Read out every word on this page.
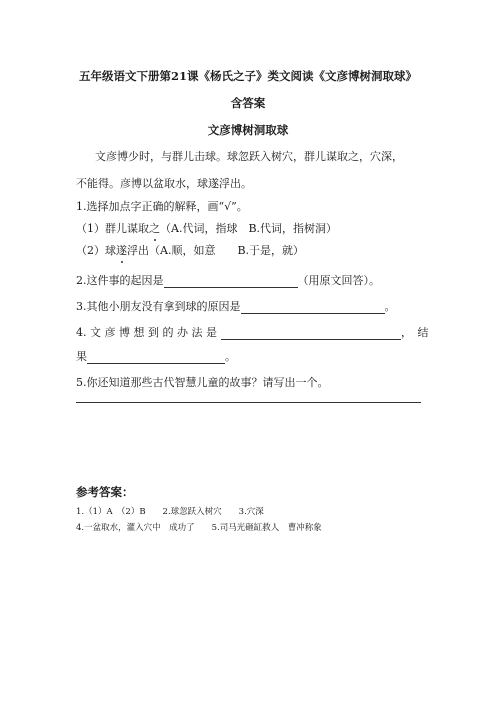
五年级语文下册第21课《杨氏之子》类文阅读《文彦博树洞取球》
含答案
文彦博树洞取球
文彦博少时，与群儿击球。球忽跃入树穴，群儿谋取之，穴深，
不能得。彦博以盆取水，球遂浮出。
1.选择加点字正确的解释，画“√”。
（1）群儿谋取之（A.代词，指球　B.代词，指树洞）
（2）球遂浮出（A.顺，如意　　B.于是，就）
2.这件事的起因是	（用原文回答）。
3.其他小朋友没有拿到球的原因是	。
4. 文 彦 博 想 到 的 办 法 是	，　结
果	。
5.你还知道那些古代智慧儿童的故事？请写出一个。
参考答案：
1.（1）A　（2）B　　2.球忽跃入树穴　　3.穴深
4.一盆取水，灌入穴中　成功了　　5.司马光砸缸救人　曹冲称象
